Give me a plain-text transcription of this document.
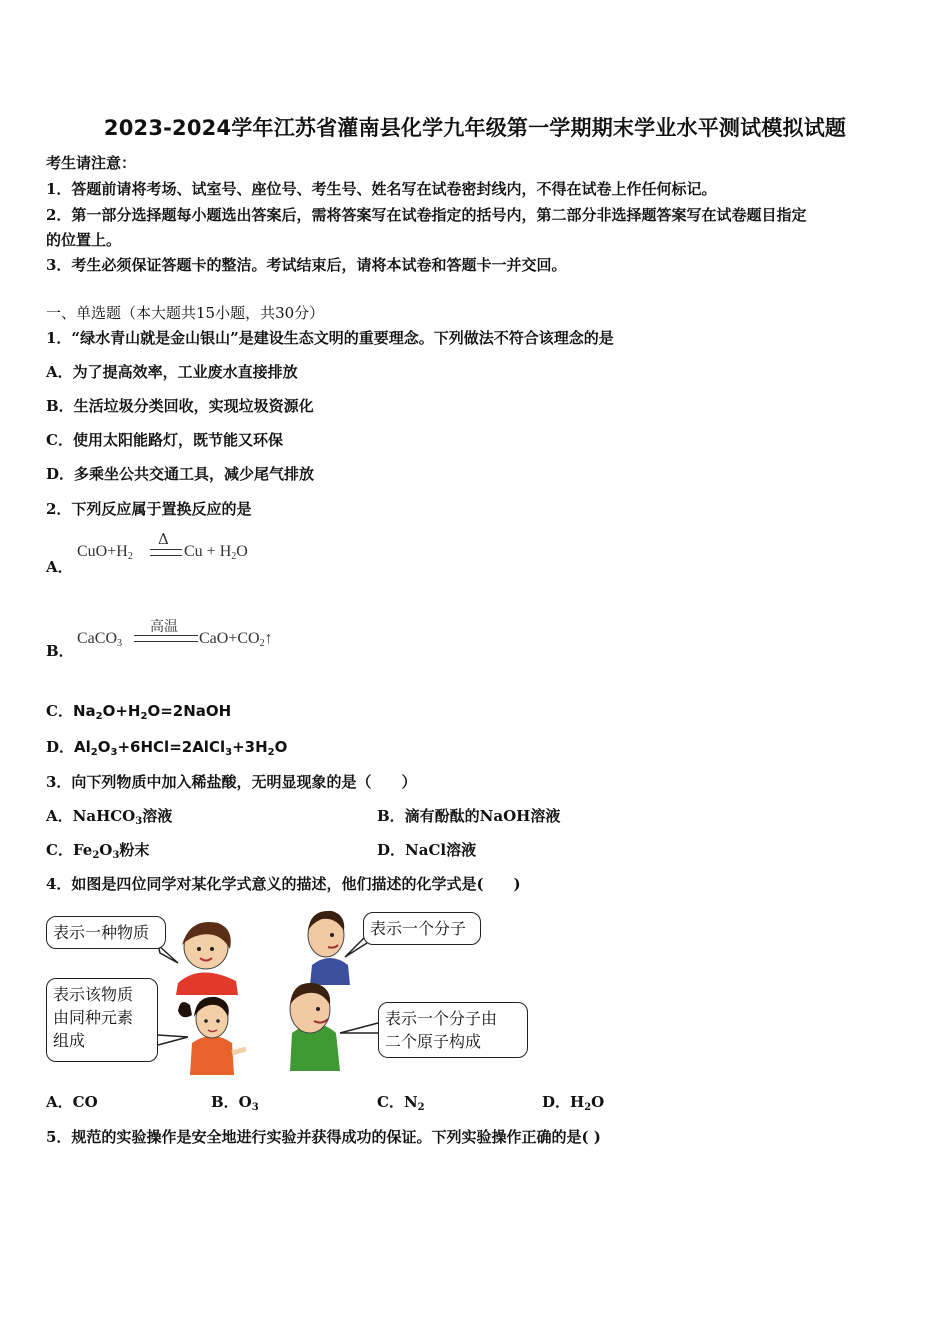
2023-2024学年江苏省灌南县化学九年级第一学期期末学业水平测试模拟试题
考生请注意：
1．答题前请将考场、试室号、座位号、考生号、姓名写在试卷密封线内，不得在试卷上作任何标记。
2．第一部分选择题每小题选出答案后，需将答案写在试卷指定的括号内，第二部分非选择题答案写在试卷题目指定
的位置上。
3．考生必须保证答题卡的整洁。考试结束后，请将本试卷和答题卡一并交回。
一、单选题（本大题共15小题，共30分）
1．“绿水青山就是金山银山”是建设生态文明的重要理念。下列做法不符合该理念的是
A．为了提高效率，工业废水直接排放
B．生活垃圾分类回收，实现垃圾资源化
C．使用太阳能路灯，既节能又环保
D．多乘坐公共交通工具，减少尾气排放
2．下列反应属于置换反应的是
A．
$CuO+H_2$
Δ
$Cu + H_2O$
B．
CaCO$_3$
高温
$CaO+CO_2↑$
C．$Na_2O+H_2O=2NaOH$
D．$Al_2O_3+6HCl=2AlCl_3+3H_2O$
3．向下列物质中加入稀盐酸，无明显现象的是（　　）
A．NaHCO$_3$溶液	B．滴有酚酞的NaOH溶液
C．$Fe_2O_3$粉末	D．NaCl溶液
4．如图是四位同学对某化学式意义的描述，他们描述的化学式是(　　)
表示一种物质	表示一个分子
表示该物质
由同种元素
组成
表示一个分子由
二个原子构成
A．CO	B．$O_3$	C．$N_2$	D．$H_2O$
5．规范的实验操作是安全地进行实验并获得成功的保证。下列实验操作正确的是( )
